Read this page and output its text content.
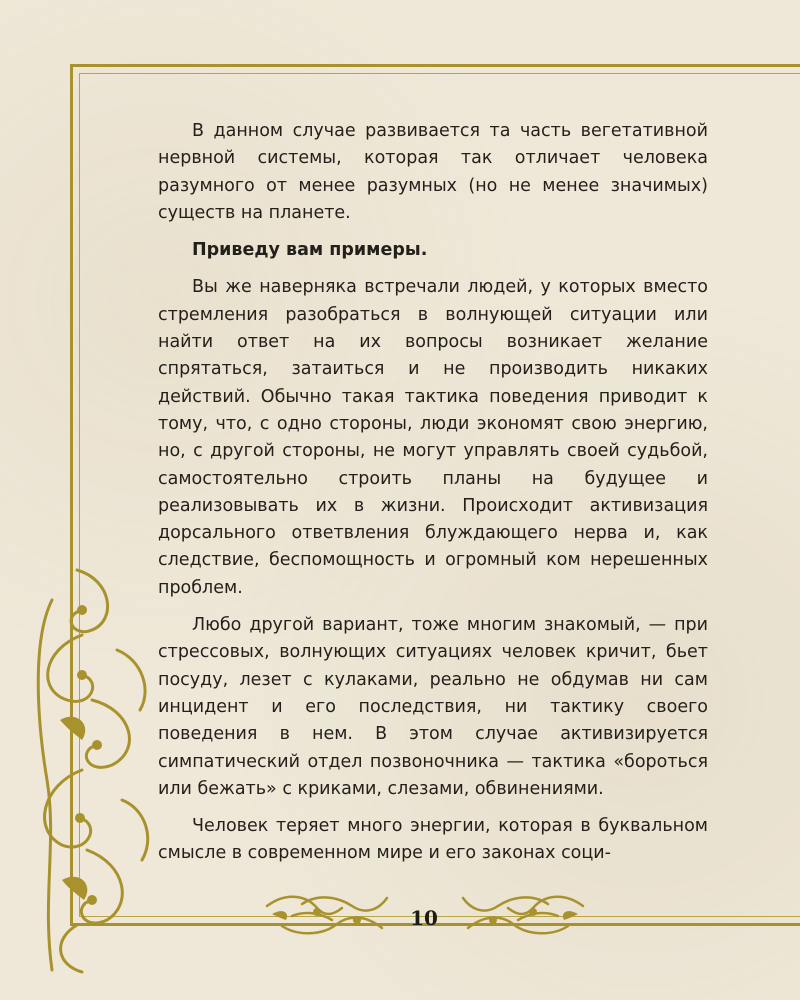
В данном случае развивается та часть вегетативной нервной системы, которая так отличает человека разумного от менее разумных (но не менее значимых) существ на планете.

Приведу вам примеры.

Вы же наверняка встречали людей, у которых вместо стремления разобраться в волнующей ситуации или найти ответ на их вопросы возникает желание спрятаться, затаиться и не производить никаких действий. Обычно такая тактика поведения приводит к тому, что, с одно стороны, люди экономят свою энергию, но, с другой стороны, не могут управлять своей судьбой, самостоятельно строить планы на будущее и реализовывать их в жизни. Происходит активизация дорсального ответвления блуждающего нерва и, как следствие, беспомощность и огромный ком нерешенных проблем.

Любо другой вариант, тоже многим знакомый, — при стрессовых, волнующих ситуациях человек кричит, бьет посуду, лезет с кулаками, реально не обдумав ни сам инцидент и его последствия, ни тактику своего поведения в нем. В этом случае активизируется симпатический отдел позвоночника — тактика «бороться или бежать» с криками, слезами, обвинениями.

Человек теряет много энергии, которая в буквальном смысле в современном мире и его законах соци-

10
